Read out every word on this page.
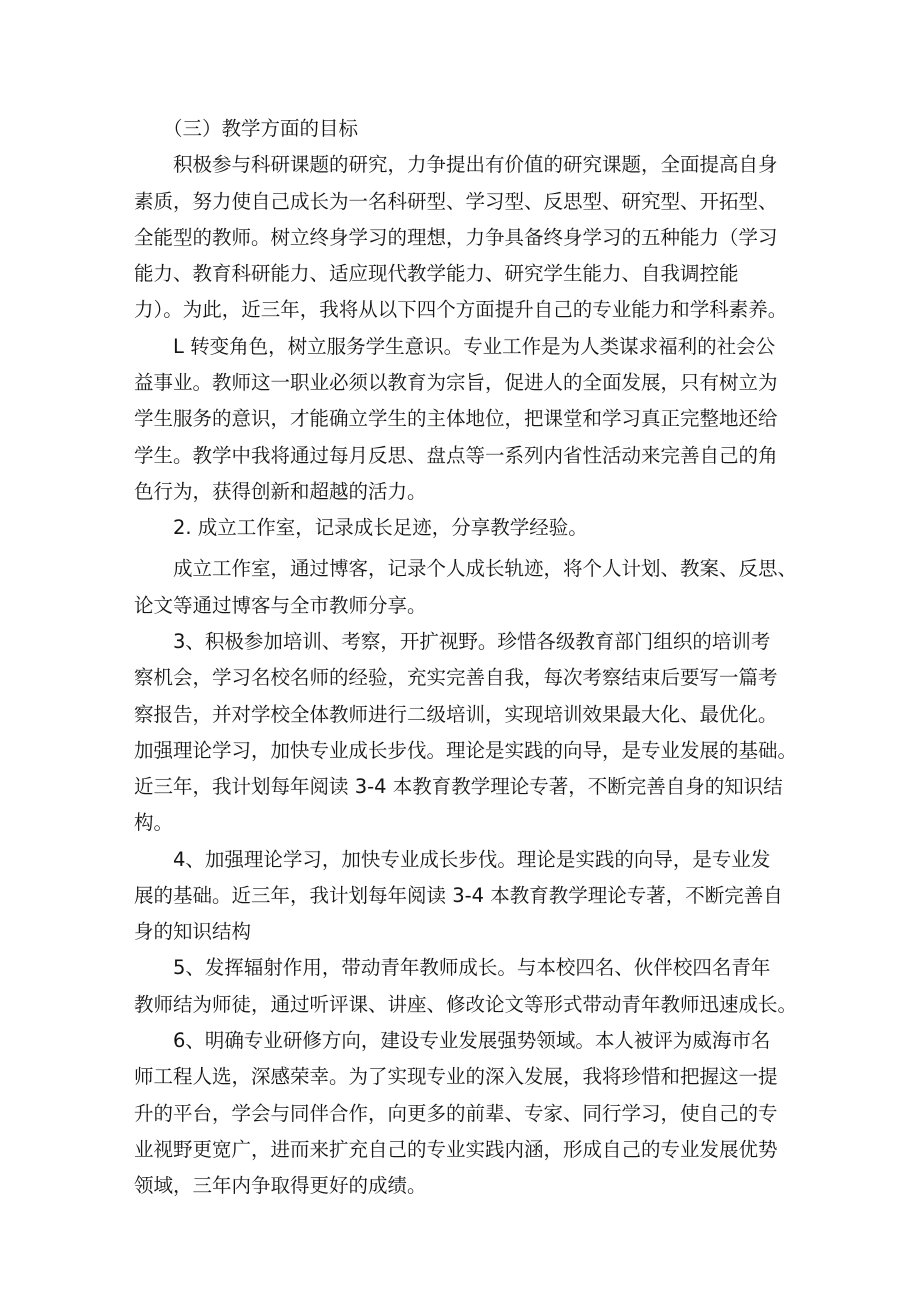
（三）教学方面的目标
积极参与科研课题的研究，力争提出有价值的研究课题，全面提高自身
素质，努力使自己成长为一名科研型、学习型、反思型、研究型、开拓型、
全能型的教师。树立终身学习的理想，力争具备终身学习的五种能力（学习
能力、教育科研能力、适应现代教学能力、研究学生能力、自我调控能
力）。为此，近三年，我将从以下四个方面提升自己的专业能力和学科素养。
L 转变角色，树立服务学生意识。专业工作是为人类谋求福利的社会公
益事业。教师这一职业必须以教育为宗旨，促进人的全面发展，只有树立为
学生服务的意识，才能确立学生的主体地位，把课堂和学习真正完整地还给
学生。教学中我将通过每月反思、盘点等一系列内省性活动来完善自己的角
色行为，获得创新和超越的活力。
2. 成立工作室，记录成长足迹，分享教学经验。
成立工作室，通过博客，记录个人成长轨迹，将个人计划、教案、反思、
论文等通过博客与全市教师分享。
3、积极参加培训、考察，开扩视野。珍惜各级教育部门组织的培训考
察机会，学习名校名师的经验，充实完善自我，每次考察结束后要写一篇考
察报告，并对学校全体教师进行二级培训，实现培训效果最大化、最优化。
加强理论学习，加快专业成长步伐。理论是实践的向导，是专业发展的基础。
近三年，我计划每年阅读 3-4 本教育教学理论专著，不断完善自身的知识结
构。
4、加强理论学习，加快专业成长步伐。理论是实践的向导，是专业发
展的基础。近三年，我计划每年阅读 3-4 本教育教学理论专著，不断完善自
身的知识结构
5、发挥辐射作用，带动青年教师成长。与本校四名、伙伴校四名青年
教师结为师徒，通过听评课、讲座、修改论文等形式带动青年教师迅速成长。
6、明确专业研修方向，建设专业发展强势领域。本人被评为威海市名
师工程人选，深感荣幸。为了实现专业的深入发展，我将珍惜和把握这一提
升的平台，学会与同伴合作，向更多的前辈、专家、同行学习，使自己的专
业视野更宽广，进而来扩充自己的专业实践内涵，形成自己的专业发展优势
领域，三年内争取得更好的成绩。
